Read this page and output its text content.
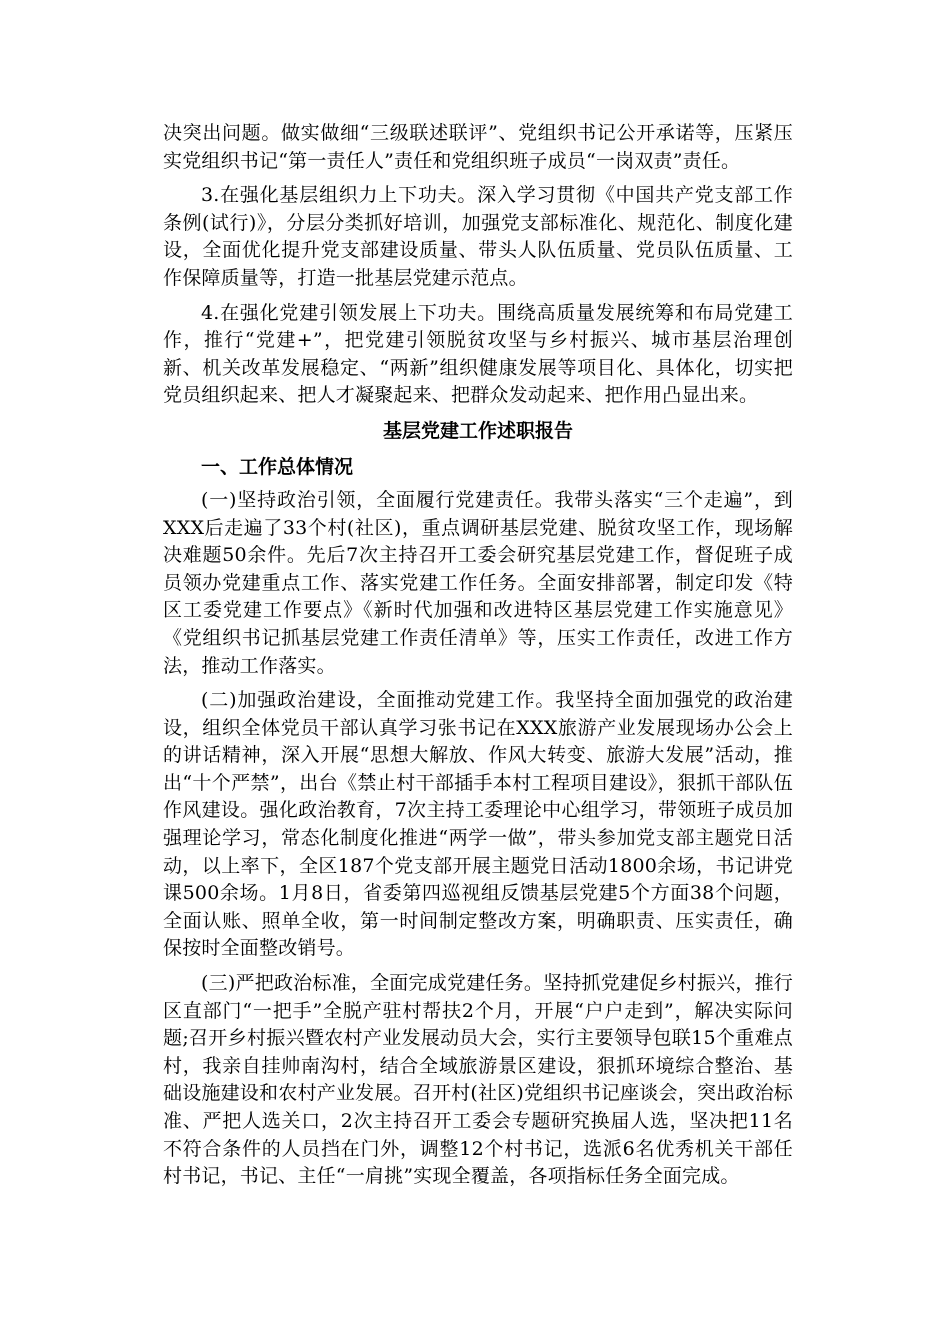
决突出问题。做实做细“三级联述联评”、党组织书记公开承诺等，压紧压实党组织书记“第一责任人”责任和党组织班子成员“一岗双责”责任。

3.在强化基层组织力上下功夫。深入学习贯彻《中国共产党支部工作条例(试行)》，分层分类抓好培训，加强党支部标准化、规范化、制度化建设，全面优化提升党支部建设质量、带头人队伍质量、党员队伍质量、工作保障质量等，打造一批基层党建示范点。

4.在强化党建引领发展上下功夫。围绕高质量发展统筹和布局党建工作，推行“党建+”，把党建引领脱贫攻坚与乡村振兴、城市基层治理创新、机关改革发展稳定、“两新”组织健康发展等项目化、具体化，切实把党员组织起来、把人才凝聚起来、把群众发动起来、把作用凸显出来。

基层党建工作述职报告
一、工作总体情况

(一)坚持政治引领，全面履行党建责任。我带头落实“三个走遍”，到XXX后走遍了33个村(社区)，重点调研基层党建、脱贫攻坚工作，现场解决难题50余件。先后7次主持召开工委会研究基层党建工作，督促班子成员领办党建重点工作、落实党建工作任务。全面安排部署，制定印发《特区工委党建工作要点》《新时代加强和改进特区基层党建工作实施意见》《党组织书记抓基层党建工作责任清单》等，压实工作责任，改进工作方法，推动工作落实。

(二)加强政治建设，全面推动党建工作。我坚持全面加强党的政治建设，组织全体党员干部认真学习张书记在XXX旅游产业发展现场办公会上的讲话精神，深入开展“思想大解放、作风大转变、旅游大发展”活动，推出“十个严禁”，出台《禁止村干部插手本村工程项目建设》，狠抓干部队伍作风建设。强化政治教育，7次主持工委理论中心组学习，带领班子成员加强理论学习，常态化制度化推进“两学一做”，带头参加党支部主题党日活动，以上率下，全区187个党支部开展主题党日活动1800余场，书记讲党课500余场。1月8日，省委第四巡视组反馈基层党建5个方面38个问题，全面认账、照单全收，第一时间制定整改方案，明确职责、压实责任，确保按时全面整改销号。

(三)严把政治标准，全面完成党建任务。坚持抓党建促乡村振兴，推行区直部门“一把手”全脱产驻村帮扶2个月，开展“户户走到”，解决实际问题;召开乡村振兴暨农村产业发展动员大会，实行主要领导包联15个重难点村，我亲自挂帅南沟村，结合全域旅游景区建设，狠抓环境综合整治、基础设施建设和农村产业发展。召开村(社区)党组织书记座谈会，突出政治标准、严把人选关口，2次主持召开工委会专题研究换届人选，坚决把11名不符合条件的人员挡在门外，调整12个村书记，选派6名优秀机关干部任村书记，书记、主任“一肩挑”实现全覆盖，各项指标任务全面完成。
